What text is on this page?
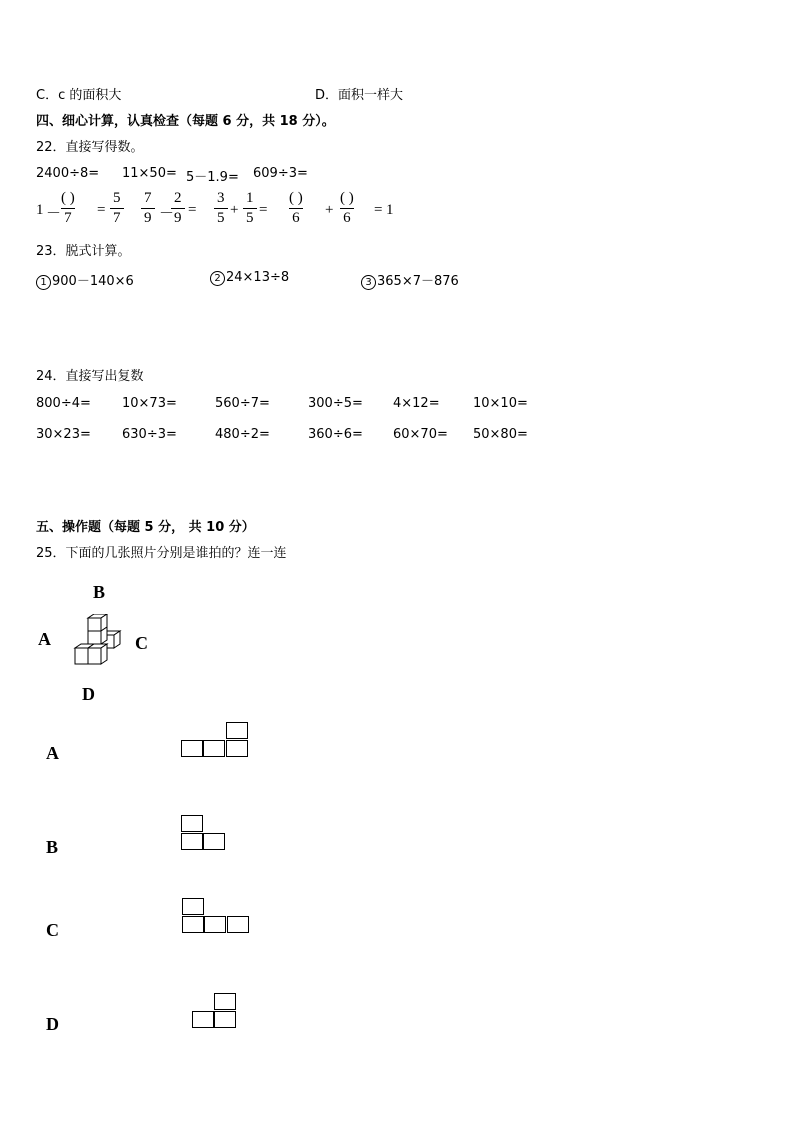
C．c 的面积大	D．面积一样大
四、细心计算，认真检查（每题 6 分，共 18 分）。
22．直接写得数。
2400÷8= 11×50= 5－1.9= 609÷3=
1 －
( )
$7 = \frac{5}{7} \frac{7}{9}$ －
$\frac{2}{9} = \frac{3}{5} + \frac{1}{5}$ =
( )
6 +
( )
6 = 1
23．脱式计算。
1 900－140×6	2 24×13÷8	3 365×7－876
24．直接写出复数
800÷4= 10×73=	560÷7=	300÷5= 4×12=	10×10=
30×23= 630÷3=	480÷2=	360÷6= 60×70= 50×80=
五、操作题（每题 5 分， 共 10 分）
25．下面的几张照片分别是谁拍的？连一连
B
A	C
D
A
B
C
D
